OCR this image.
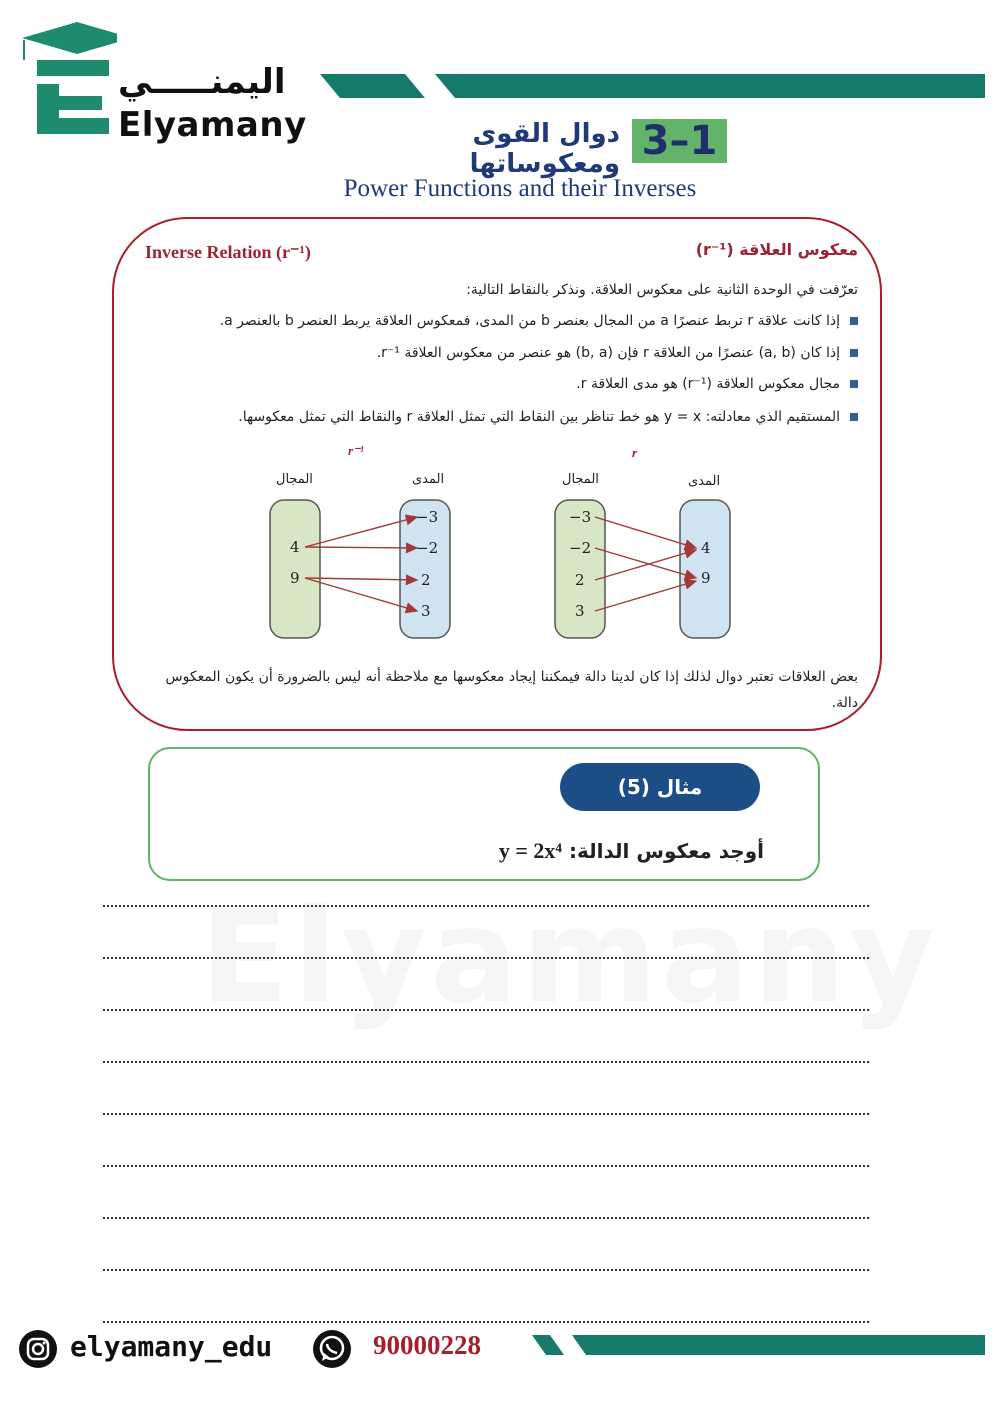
اليمنـــــي
Elyamany	3–1
دوال القوى ومعكوساتها
Power Functions and their Inverses
Inverse Relation (r⁻¹)	معكوس العلاقة (r⁻¹)
تعرّفت في الوحدة الثانية على معكوس العلاقة. ونذكر بالنقاط التالية:
إذا كانت علاقة r تربط عنصرًا a من المجال بعنصر b من المدى، فمعكوس العلاقة يربط العنصر b بالعنصر a.
إذا كان (a, b) عنصرًا من العلاقة r فإن (b, a) هو عنصر من معكوس العلاقة r⁻¹.
مجال معكوس العلاقة (r⁻¹) هو مدى العلاقة r.
المستقيم الذي معادلته: y = x هو خط تناظر بين النقاط التي تمثل العلاقة r والنقاط التي تمثل معكوسها.
r⁻¹	r
المجال	المدى	المجال	المدى
4
9
−3
−2
2
3
−3
−2
2
3
4
9
بعض العلاقات تعتبر دوال لذلك إذا كان لدينا دالة فيمكننا إيجاد معكوسها مع ملاحظة أنه ليس بالضرورة أن يكون المعكوس دالة.
مثال (5)
أوجد معكوس الدالة: y = 2x⁴
elyamany_edu	90000228
